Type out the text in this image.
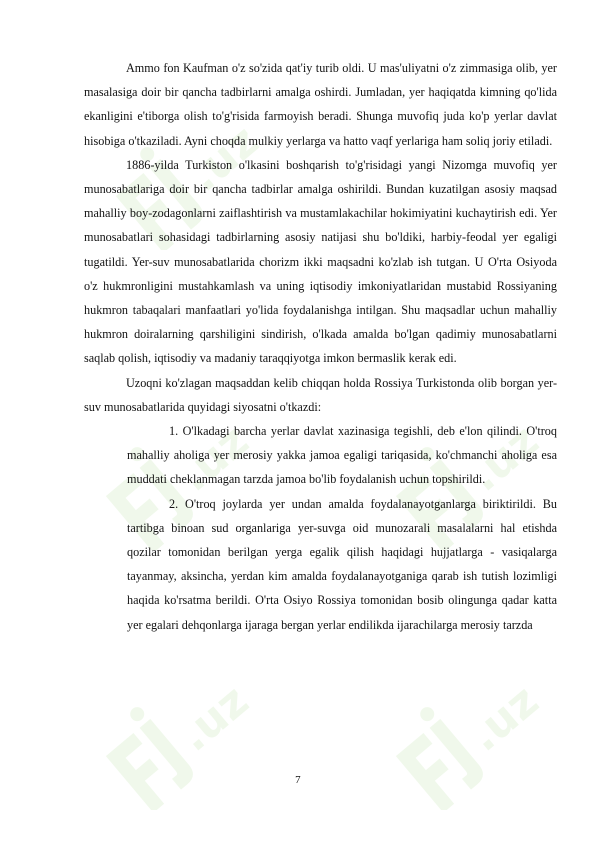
.uz
.uz	.uz
.uz	.uz

Ammo fon Kaufman o'z so'zida qat'iy turib oldi. U mas'uliyatni o'z zimmasiga olib, yer masalasiga doir bir qancha tadbirlarni amalga oshirdi. Jumladan, yer haqiqatda kimning qo'lida ekanligini e'tiborga olish to'g'risida farmoyish beradi. Shunga muvofiq juda ko'p yerlar davlat hisobiga o'tkaziladi. Ayni choqda mulkiy yerlarga va hatto vaqf yerlariga ham soliq joriy etiladi.

1886-yilda Turkiston o'lkasini boshqarish to'g'risidagi yangi Nizomga muvofiq yer munosabatlariga doir bir qancha tadbirlar amalga oshirildi. Bundan kuzatilgan asosiy maqsad mahalliy boy-zodagonlarni zaiflashtirish va mustamlakachilar hokimiyatini kuchaytirish edi. Yer munosabatlari sohasidagi tadbirlarning asosiy natijasi shu bo'ldiki, harbiy-feodal yer egaligi tugatildi. Yer-suv munosabatlarida chorizm ikki maqsadni ko'zlab ish tutgan. U O'rta Osiyoda o'z hukmronligini mustahkamlash va uning iqtisodiy imkoniyatlaridan mustabid Rossiyaning hukmron tabaqalari manfaatlari yo'lida foydalanishga intilgan. Shu maqsadlar uchun mahalliy hukmron doiralarning qarshiligini sindirish, o'lkada amalda bo'lgan qadimiy munosabatlarni saqlab qolish, iqtisodiy va madaniy taraqqiyotga imkon bermaslik kerak edi.

Uzoqni ko'zlagan maqsaddan kelib chiqqan holda Rossiya Turkistonda olib borgan yer-suv munosabatlarida quyidagi siyosatni o'tkazdi:

1. O'lkadagi barcha yerlar davlat xazinasiga tegishli, deb e'lon qilindi. O'troq mahalliy aholiga yer merosiy yakka jamoa egaligi tariqasida, ko'chmanchi aholiga esa muddati cheklanmagan tarzda jamoa bo'lib foydalanish uchun topshirildi.

2. O'troq joylarda yer undan amalda foydalanayotganlarga biriktirildi. Bu tartibga binoan sud organlariga yer-suvga oid munozarali masalalarni hal etishda qozilar tomonidan berilgan yerga egalik qilish haqidagi hujjatlarga - vasiqalarga tayanmay, aksincha, yerdan kim amalda foydalanayotganiga qarab ish tutish lozimligi haqida ko'rsatma berildi. O'rta Osiyo Rossiya tomonidan bosib olingunga qadar katta yer egalari dehqonlarga ijaraga bergan yerlar endilikda ijarachilarga merosiy tarzda

7
